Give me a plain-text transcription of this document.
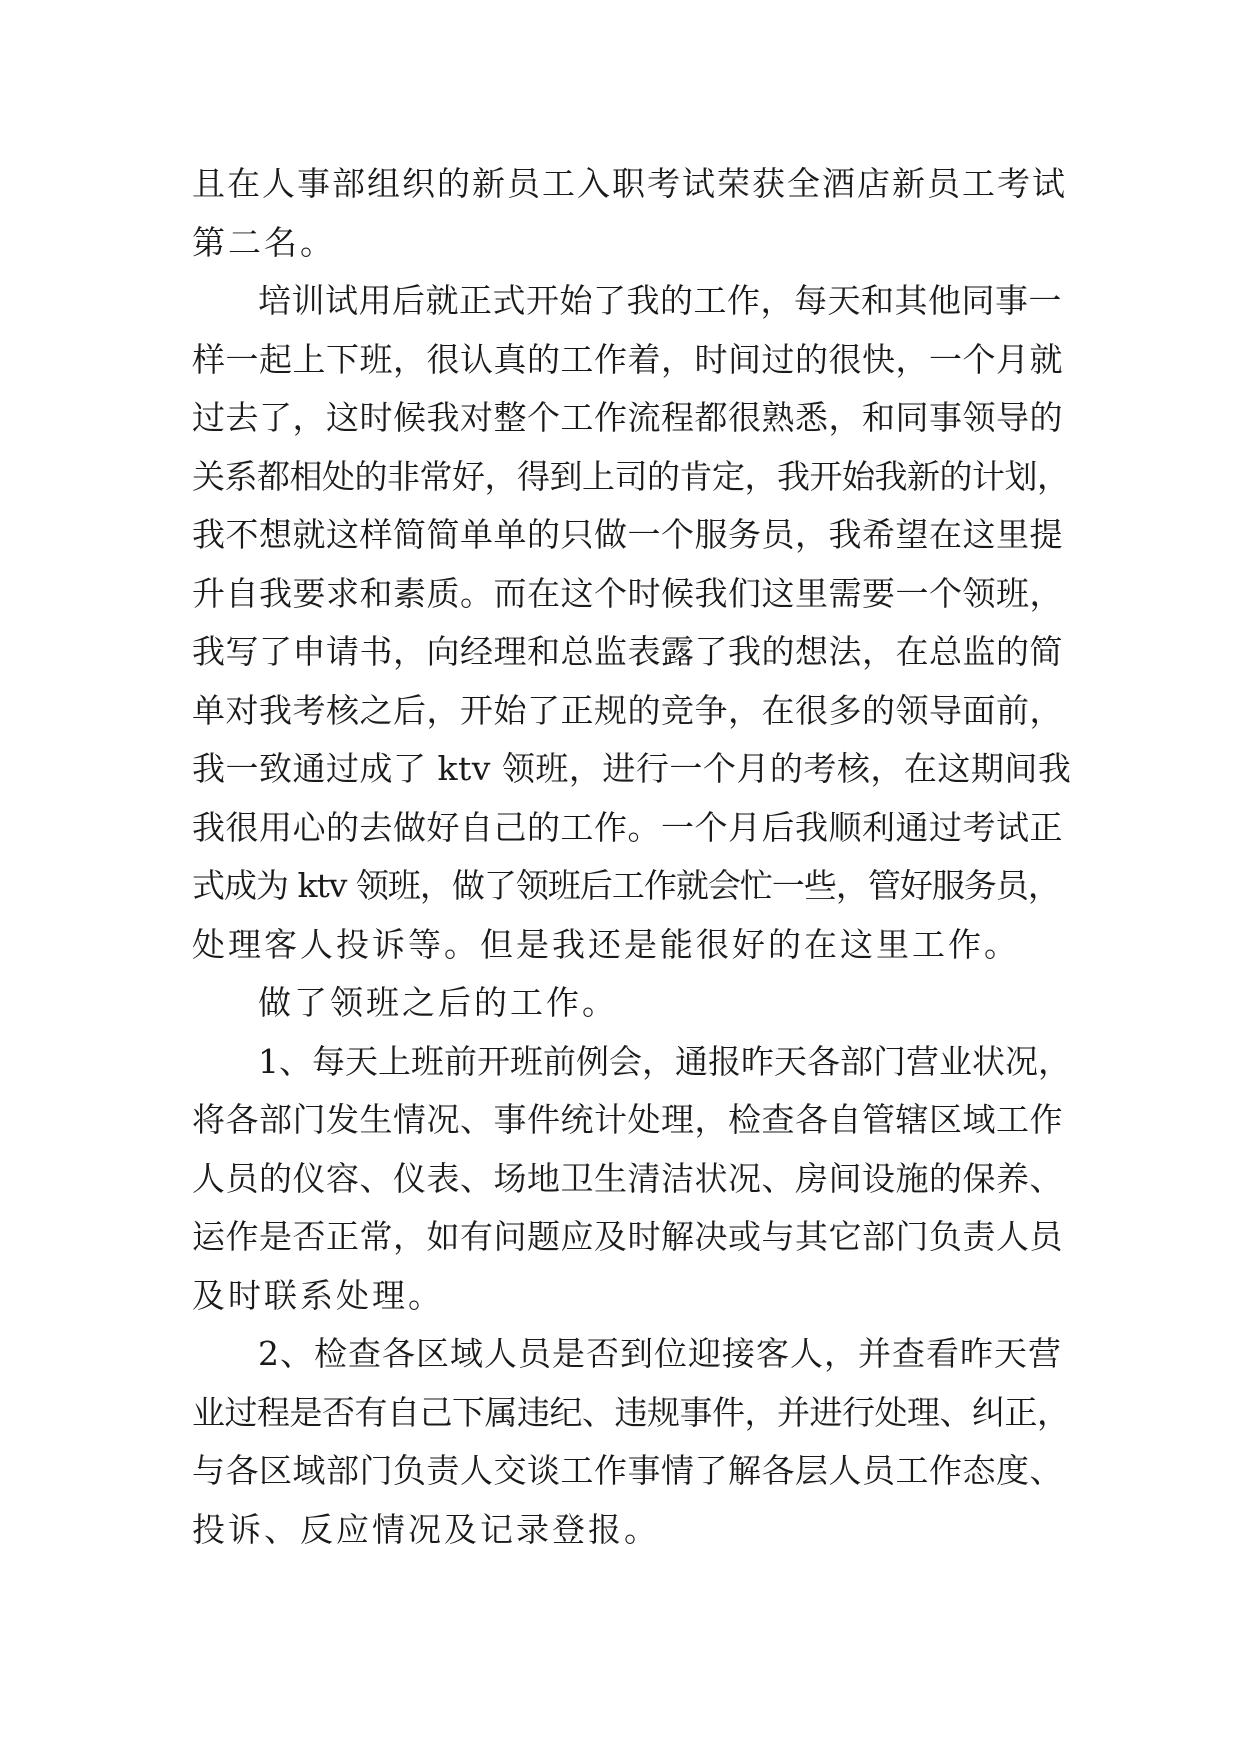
且在人事部组织的新员工入职考试荣获全酒店新员工考试
第二名。
培训试用后就正式开始了我的工作，每天和其他同事一
样一起上下班，很认真的工作着，时间过的很快，一个月就
过去了，这时候我对整个工作流程都很熟悉，和同事领导的
关系都相处的非常好，得到上司的肯定，我开始我新的计划，
我不想就这样简简单单的只做一个服务员，我希望在这里提
升自我要求和素质。而在这个时候我们这里需要一个领班，
我写了申请书，向经理和总监表露了我的想法，在总监的简
单对我考核之后，开始了正规的竞争，在很多的领导面前，
我一致通过成了 ktv 领班，进行一个月的考核，在这期间我
我很用心的去做好自己的工作。一个月后我顺利通过考试正
式成为 ktv 领班，做了领班后工作就会忙一些，管好服务员，
处理客人投诉等。但是我还是能很好的在这里工作。
做了领班之后的工作。
1、每天上班前开班前例会，通报昨天各部门营业状况，
将各部门发生情况、事件统计处理，检查各自管辖区域工作
人员的仪容、仪表、场地卫生清洁状况、房间设施的保养、
运作是否正常，如有问题应及时解决或与其它部门负责人员
及时联系处理。
2、检查各区域人员是否到位迎接客人，并查看昨天营
业过程是否有自己下属违纪、违规事件，并进行处理、纠正，
与各区域部门负责人交谈工作事情了解各层人员工作态度、
投诉、反应情况及记录登报。
